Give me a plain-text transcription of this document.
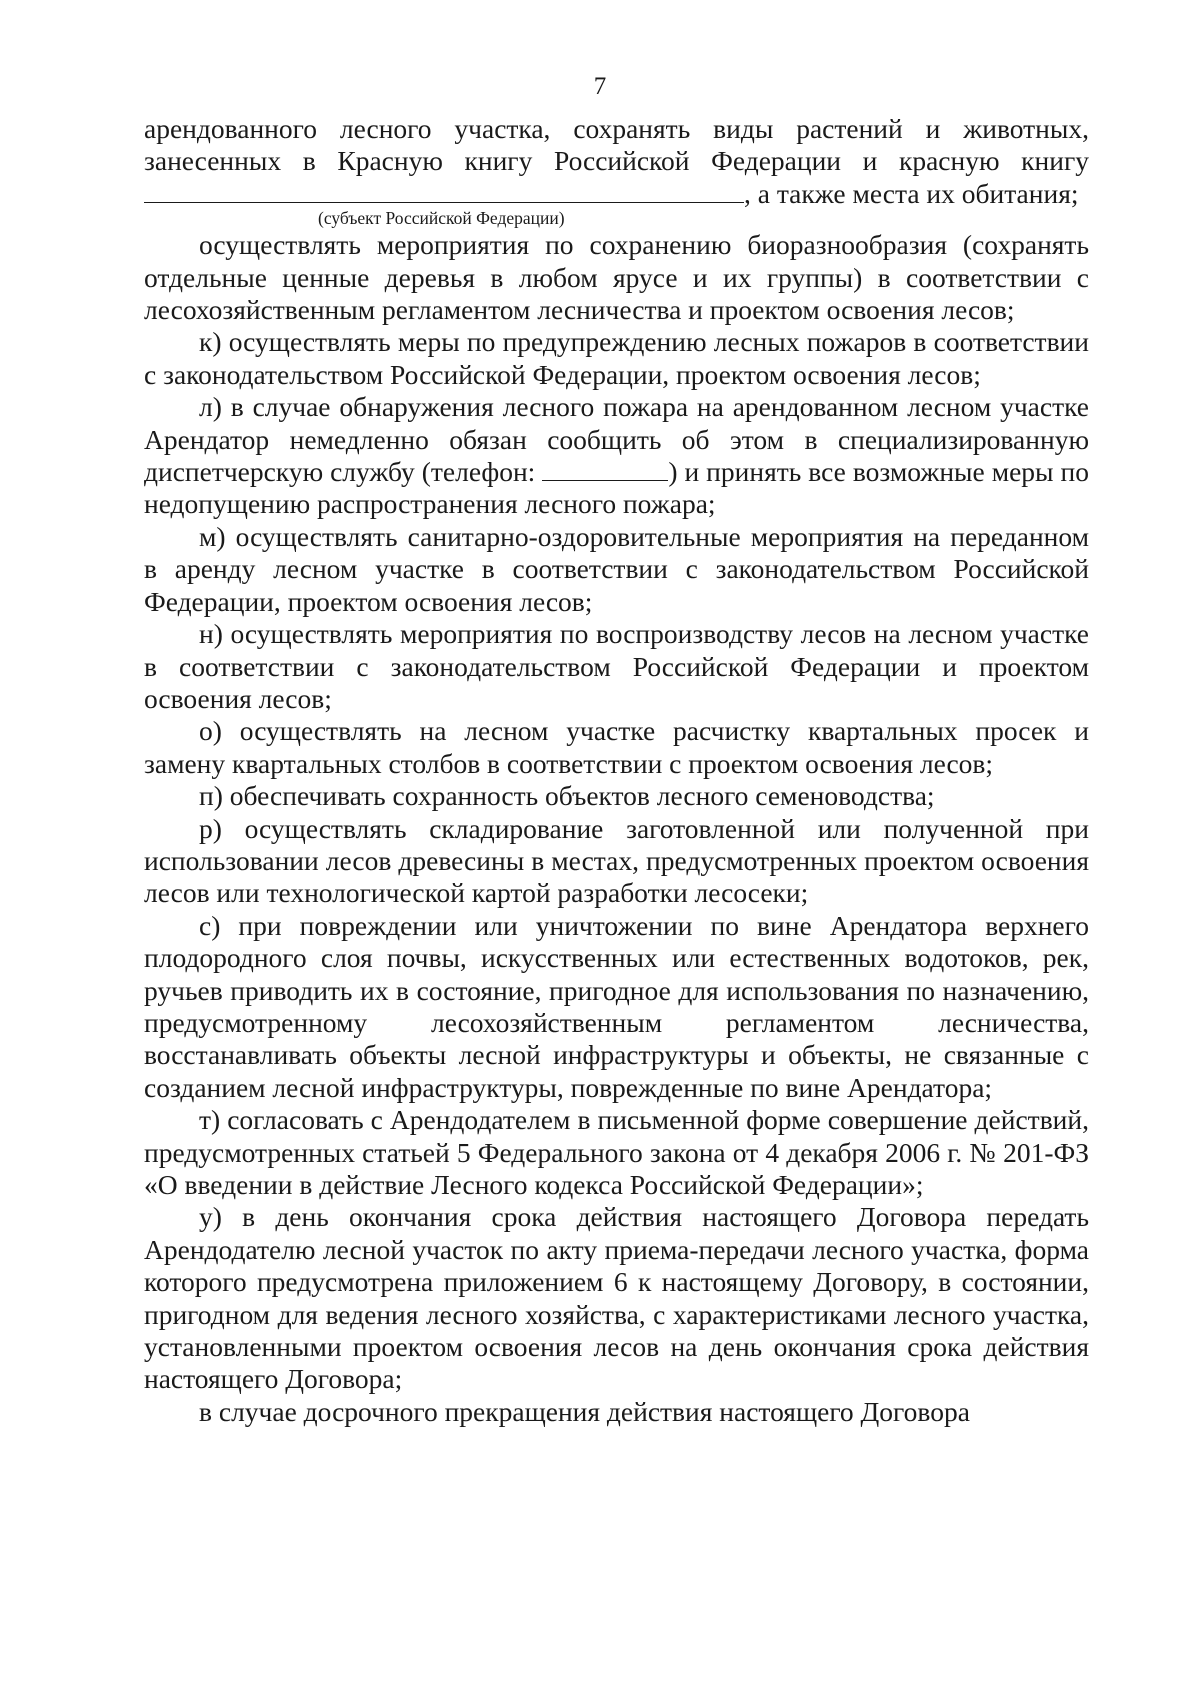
7

арендованного лесного участка, сохранять виды растений и животных, занесенных в Красную книгу Российской Федерации и красную книгу , а также места их обитания;

(субъект Российской Федерации)

осуществлять мероприятия по сохранению биоразнообразия (сохранять отдельные ценные деревья в любом ярусе и их группы) в соответствии с лесохозяйственным регламентом лесничества и проектом освоения лесов;

к) осуществлять меры по предупреждению лесных пожаров в соответствии с законодательством Российской Федерации, проектом освоения лесов;

л) в случае обнаружения лесного пожара на арендованном лесном участке Арендатор немедленно обязан сообщить об этом в специализированную диспетчерскую службу (телефон:	) и принять все возможные меры по недопущению распространения лесного пожара;

м) осуществлять санитарно-оздоровительные мероприятия на переданном в аренду лесном участке в соответствии с законодательством Российской Федерации, проектом освоения лесов;

н) осуществлять мероприятия по воспроизводству лесов на лесном участке в соответствии с законодательством Российской Федерации и проектом освоения лесов;

о) осуществлять на лесном участке расчистку квартальных просек и замену квартальных столбов в соответствии с проектом освоения лесов;

п) обеспечивать сохранность объектов лесного семеноводства;

р) осуществлять складирование заготовленной или полученной при использовании лесов древесины в местах, предусмотренных проектом освоения лесов или технологической картой разработки лесосеки;

с) при повреждении или уничтожении по вине Арендатора верхнего плодородного слоя почвы, искусственных или естественных водотоков, рек, ручьев приводить их в состояние, пригодное для использования по назначению, предусмотренному лесохозяйственным регламентом лесничества, восстанавливать объекты лесной инфраструктуры и объекты, не связанные с созданием лесной инфраструктуры, поврежденные по вине Арендатора;

т) согласовать с Арендодателем в письменной форме совершение действий, предусмотренных статьей 5 Федерального закона от 4 декабря 2006 г. № 201-ФЗ «О введении в действие Лесного кодекса Российской Федерации»;

у) в день окончания срока действия настоящего Договора передать Арендодателю лесной участок по акту приема-передачи лесного участка, форма которого предусмотрена приложением 6 к настоящему Договору, в состоянии, пригодном для ведения лесного хозяйства, с характеристиками лесного участка, установленными проектом освоения лесов на день окончания срока действия настоящего Договора;

в случае досрочного прекращения действия настоящего Договора
